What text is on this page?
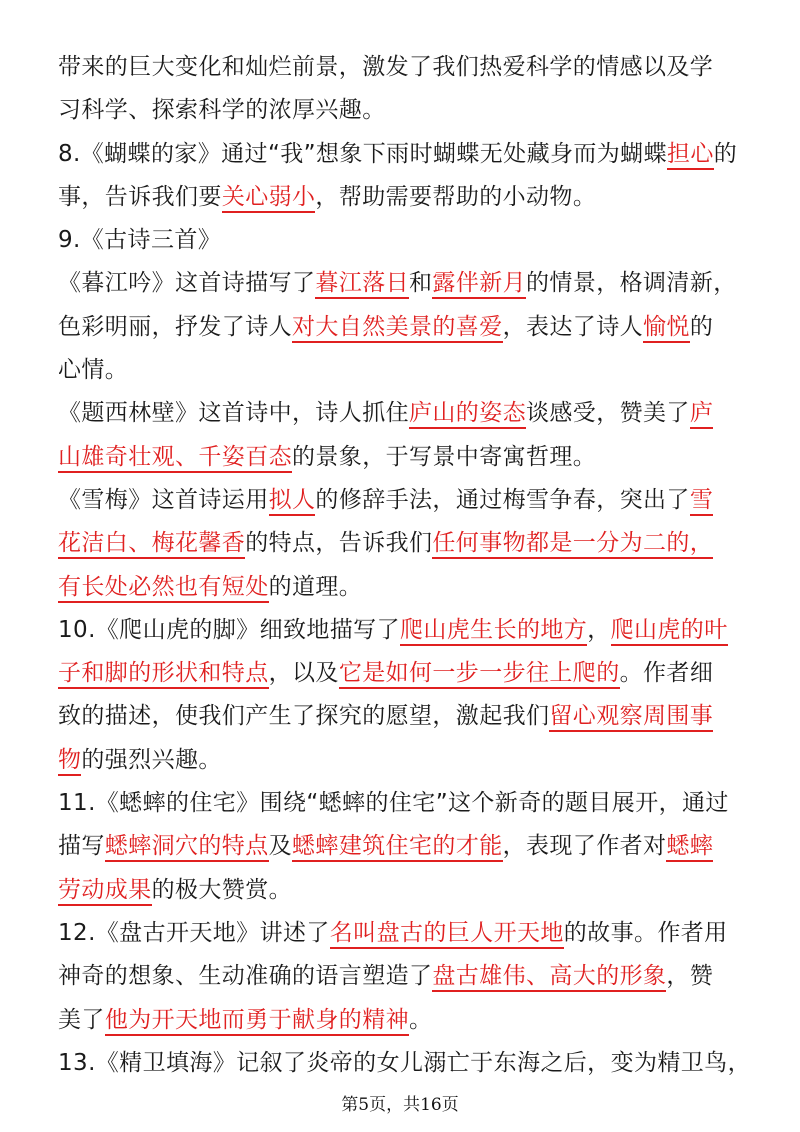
带来的巨大变化和灿烂前景，激发了我们热爱科学的情感以及学
习科学、探索科学的浓厚兴趣。
8.《蝴蝶的家》通过“我”想象下雨时蝴蝶无处藏身而为蝴蝶担心的
事，告诉我们要关心弱小，帮助需要帮助的小动物。
9.《古诗三首》
《暮江吟》这首诗描写了暮江落日和露伴新月的情景，格调清新，
色彩明丽，抒发了诗人对大自然美景的喜爱，表达了诗人愉悦的
心情。
《题西林壁》这首诗中，诗人抓住庐山的姿态谈感受，赞美了庐
山雄奇壮观、千姿百态的景象，于写景中寄寓哲理。
《雪梅》这首诗运用拟人的修辞手法，通过梅雪争春，突出了雪
花洁白、梅花馨香的特点，告诉我们任何事物都是一分为二的，
有长处必然也有短处的道理。
10.《爬山虎的脚》细致地描写了爬山虎生长的地方，爬山虎的叶
子和脚的形状和特点，以及它是如何一步一步往上爬的。作者细
致的描述，使我们产生了探究的愿望，激起我们留心观察周围事
物的强烈兴趣。
11.《蟋蟀的住宅》围绕“蟋蟀的住宅”这个新奇的题目展开，通过
描写蟋蟀洞穴的特点及蟋蟀建筑住宅的才能，表现了作者对蟋蟀
劳动成果的极大赞赏。
12.《盘古开天地》讲述了名叫盘古的巨人开天地的故事。作者用
神奇的想象、生动准确的语言塑造了盘古雄伟、高大的形象，赞
美了他为开天地而勇于献身的精神。
13.《精卫填海》记叙了炎帝的女儿溺亡于东海之后，变为精卫鸟，
第5页，共16页
